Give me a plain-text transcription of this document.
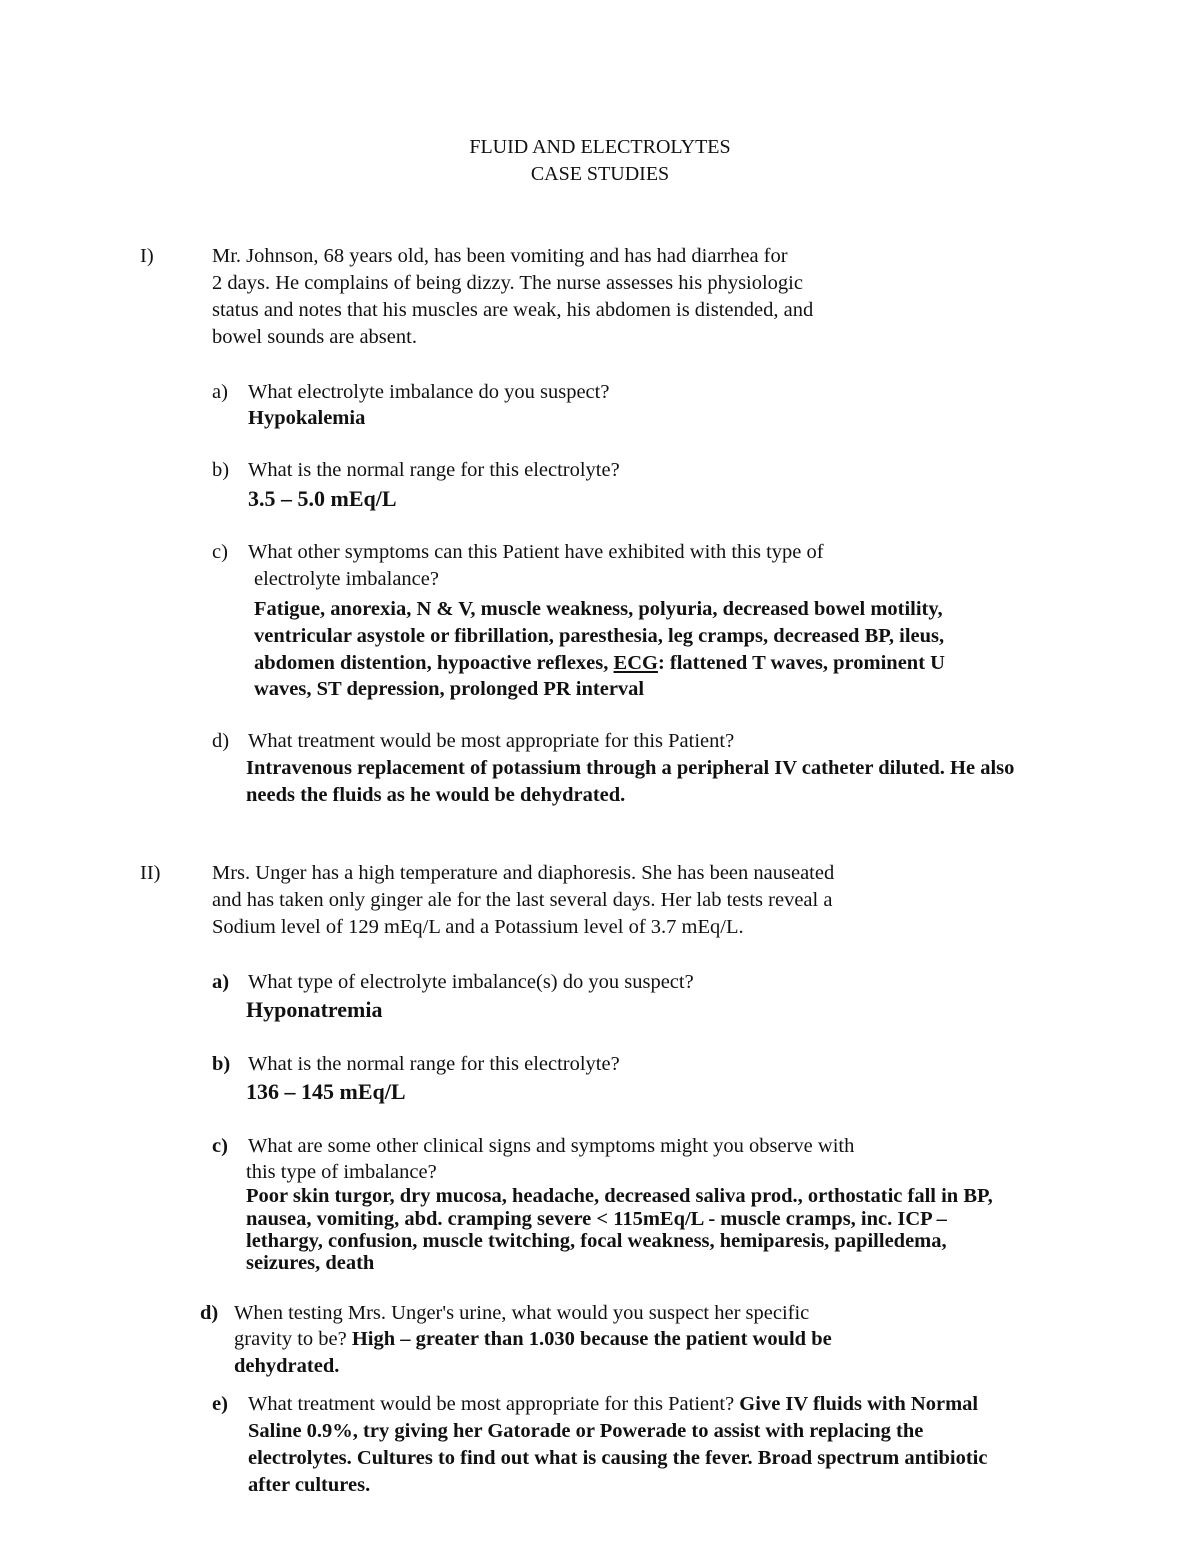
FLUID AND ELECTROLYTES
CASE STUDIES
I)	Mr. Johnson, 68 years old, has been vomiting and has had diarrhea for
2 days. He complains of being dizzy. The nurse assesses his physiologic
status and notes that his muscles are weak, his abdomen is distended, and
bowel sounds are absent.
a) What electrolyte imbalance do you suspect?
Hypokalemia
b) What is the normal range for this electrolyte?
3.5 – 5.0 mEq/L
c) What other symptoms can this Patient have exhibited with this type of
electrolyte imbalance?
Fatigue, anorexia, N & V, muscle weakness, polyuria, decreased bowel motility,
ventricular asystole or fibrillation, paresthesia, leg cramps, decreased BP, ileus,
abdomen distention, hypoactive reflexes, ECG: flattened T waves, prominent U
waves, ST depression, prolonged PR interval
d) What treatment would be most appropriate for this Patient?
Intravenous replacement of potassium through a peripheral IV catheter diluted. He also
needs the fluids as he would be dehydrated.
II)	Mrs. Unger has a high temperature and diaphoresis. She has been nauseated
and has taken only ginger ale for the last several days. Her lab tests reveal a
Sodium level of 129 mEq/L and a Potassium level of 3.7 mEq/L.
a) What type of electrolyte imbalance(s) do you suspect?
Hyponatremia
b) What is the normal range for this electrolyte?
136 – 145 mEq/L
c) What are some other clinical signs and symptoms might you observe with
this type of imbalance?
Poor skin turgor, dry mucosa, headache, decreased saliva prod., orthostatic fall in BP,
nausea, vomiting, abd. cramping severe < 115mEq/L - muscle cramps, inc. ICP –
lethargy, confusion, muscle twitching, focal weakness, hemiparesis, papilledema,
seizures, death
d) When testing Mrs. Unger's urine, what would you suspect her specific
gravity to be? High – greater than 1.030 because the patient would be
dehydrated.
e) What treatment would be most appropriate for this Patient? Give IV fluids with Normal
Saline 0.9%, try giving her Gatorade or Powerade to assist with replacing the
electrolytes. Cultures to find out what is causing the fever. Broad spectrum antibiotic
after cultures.
